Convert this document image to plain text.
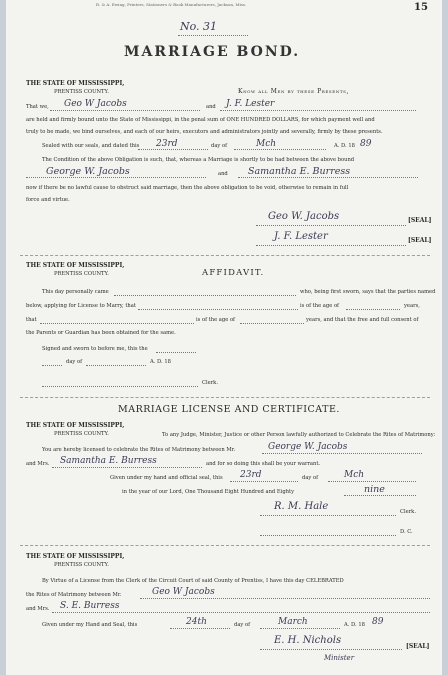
R. & A. Ewing, Printers, Stationers & Book Manufacturers, Jackson, Miss.	15
No. 31
MARRIAGE BOND.
THE STATE OF MISSISSIPPI,
PRENTISS COUNTY.	Know all Men by these Presents,
That we, Geo W Jacobs	and J. F. Lester
are held and firmly bound unto the State of Mississippi, in the penal sum of ONE HUNDRED DOLLARS, for which payment well and
truly to be made, we bind ourselves, and each of our heirs, executors and administrators jointly and severally, firmly by these presents.
Sealed with our seals, and dated this 23rd	day of	Mch	A. D. 18 89
The Condition of the above Obligation is such, that, whereas a Marriage is shortly to be had between the above bound
George W. Jacobs	and Samantha E. Burress
now if there be no lawful cause to obstruct said marriage, then the above obligation to be void, otherwise to remain in full
force and virtue.
Geo W. Jacobs	[SEAL]
J. F. Lester	[SEAL]
THE STATE OF MISSISSIPPI,
PRENTISS COUNTY.	AFFIDAVIT.
This day personally came	who, being first sworn, says that the parties named
below, applying for License to Marry, that	is of the age of	years,
that	is of the age of	years, and that the free and full consent of
the Parents or Guardian has been obtained for the same.
Signed and sworn to before me, this the
day of	A. D. 18
Clerk.
MARRIAGE LICENSE AND CERTIFICATE.
THE STATE OF MISSISSIPPI,
PRENTISS COUNTY.	To any Judge, Minister, Justice or other Person lawfully authorized to Celebrate the Rites of Matrimony:
You are hereby licensed to celebrate the Rites of Matrimony between Mr.	George W. Jacobs
and Mrs. Samantha E. Burress	and for so doing this shall be your warrant.
Given under my hand and official seal, this 23rd	day of	Mch
in the year of our Lord, One Thousand Eight Hundred and Eighty	nine
R. M. Hale	Clerk.
D. C.
THE STATE OF MISSISSIPPI,
PRENTISS COUNTY.
By Virtue of a License from the Clerk of the Circuit Court of said County of Prentiss, I have this day CELEBRATED
the Rites of Matrimony between Mr.	Geo W Jacobs
and Mrs. S. E. Burress
Given under my Hand and Seal, this	24th	day of	March	A. D. 18 89
E. H. Nichols
[SEAL]
Minister
